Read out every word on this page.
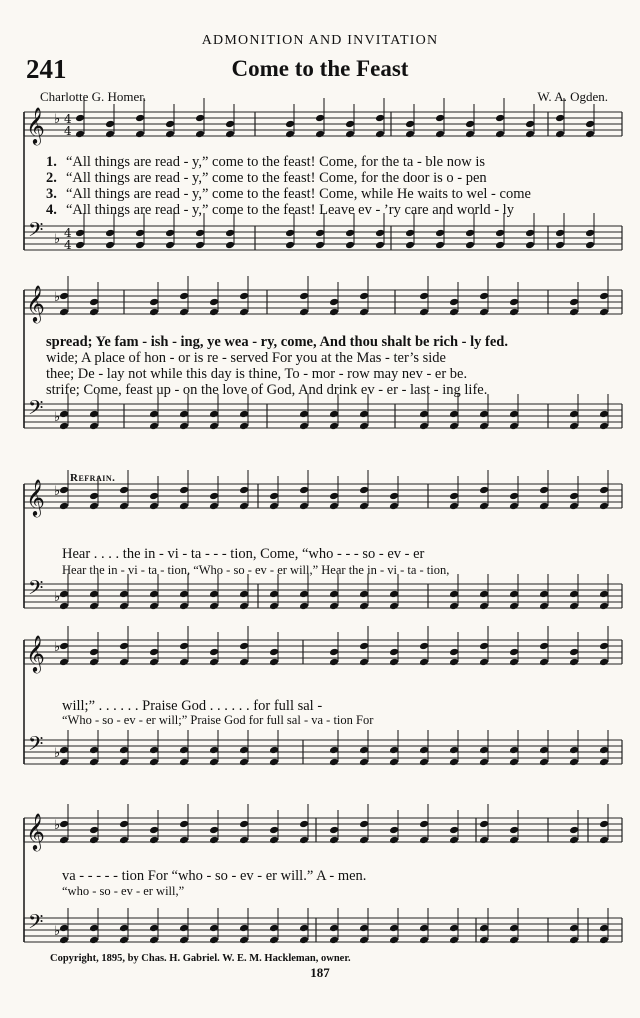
ADMONITION AND INVITATION
241	Come to the Feast
Charlotte G. Homer.	W. A. Ogden.
𝄞
𝄢
♭
♭
4
4
4
4
𝄞
𝄢
♭
♭
𝄞
𝄢
♭
♭
𝄞
𝄢
♭
♭
𝄞
𝄢
♭
♭
1. “All things are read - y,” come to the feast! Come, for the ta - ble now is
2. “All things are read - y,” come to the feast! Come, for the door is o - pen
3. “All things are read - y,” come to the feast! Come, while He waits to wel - come
4. “All things are read - y,” come to the feast! Leave ev - ’ry care and world - ly
spread; Ye fam - ish - ing, ye wea - ry, come, And thou shalt be rich - ly fed.
wide; A place of hon - or is re - served For you at the Mas - ter’s side
thee; De - lay not while this day is thine, To - mor - row may nev - er be.
strife; Come, feast up - on the love of God, And drink ev - er - last - ing life.
Refrain.
Hear . . . . the in - vi - ta - - - tion, Come, “who - - - so - ev - er
Hear the in - vi - ta - tion, “Who - so - ev - er will,” Hear the in - vi - ta - tion,
will;” . . . . . . Praise God . . . . . . for full sal -
“Who - so - ev - er will;” Praise God for full sal - va - tion For
va - - - - - tion For “who - so - ev - er will.” A - men.
“who - so - ev - er will,”
Copyright, 1895, by Chas. H. Gabriel. W. E. M. Hackleman, owner.
187
